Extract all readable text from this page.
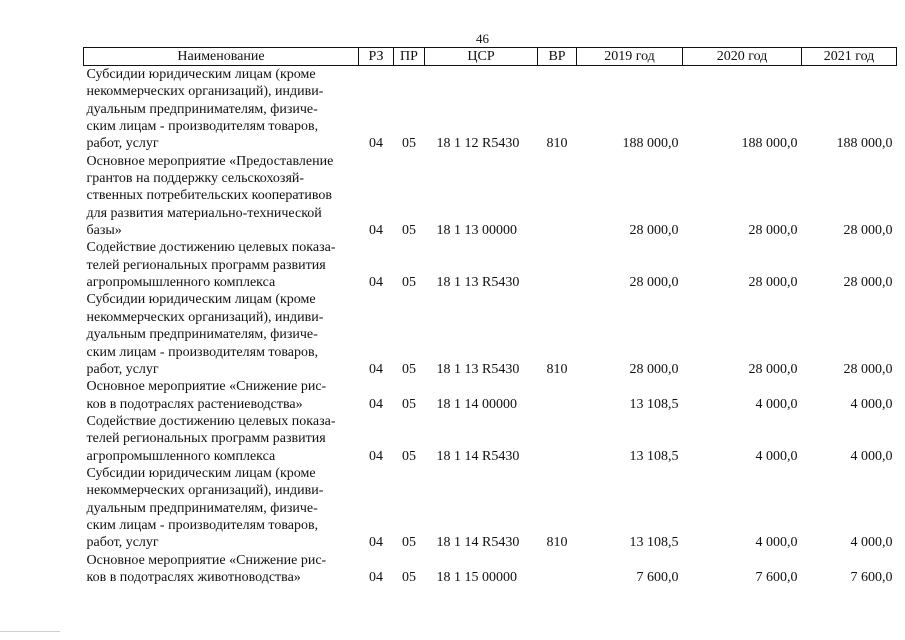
46
Наименование	РЗ	ПР	ЦСР	ВР	2019 год	2020 год	2021 год

Субсидии юридическим лицам (кроме
некоммерческих организаций), индиви-
дуальным предпринимателям, физиче-
ским лицам - производителям товаров,
работ, услуг	04	05	18 1 12 R5430	810	188 000,0	188 000,0	188 000,0

Основное мероприятие «Предоставление
грантов на поддержку сельскохозяй-
ственных потребительских кооперативов
для развития материально-технической
базы»	04	05	18 1 13 00000		28 000,0	28 000,0	28 000,0

Содействие достижению целевых показа-
телей региональных программ развития
агропромышленного комплекса	04	05	18 1 13 R5430		28 000,0	28 000,0	28 000,0

Субсидии юридическим лицам (кроме
некоммерческих организаций), индиви-
дуальным предпринимателям, физиче-
ским лицам - производителям товаров,
работ, услуг	04	05	18 1 13 R5430	810	28 000,0	28 000,0	28 000,0

Основное мероприятие «Снижение рис-
ков в подотраслях растениеводства»	04	05	18 1 14 00000		13 108,5	4 000,0	4 000,0

Содействие достижению целевых показа-
телей региональных программ развития
агропромышленного комплекса	04	05	18 1 14 R5430		13 108,5	4 000,0	4 000,0

Субсидии юридическим лицам (кроме
некоммерческих организаций), индиви-
дуальным предпринимателям, физиче-
ским лицам - производителям товаров,
работ, услуг	04	05	18 1 14 R5430	810	13 108,5	4 000,0	4 000,0

Основное мероприятие «Снижение рис-
ков в подотраслях животноводства»	04	05	18 1 15 00000		7 600,0	7 600,0	7 600,0
